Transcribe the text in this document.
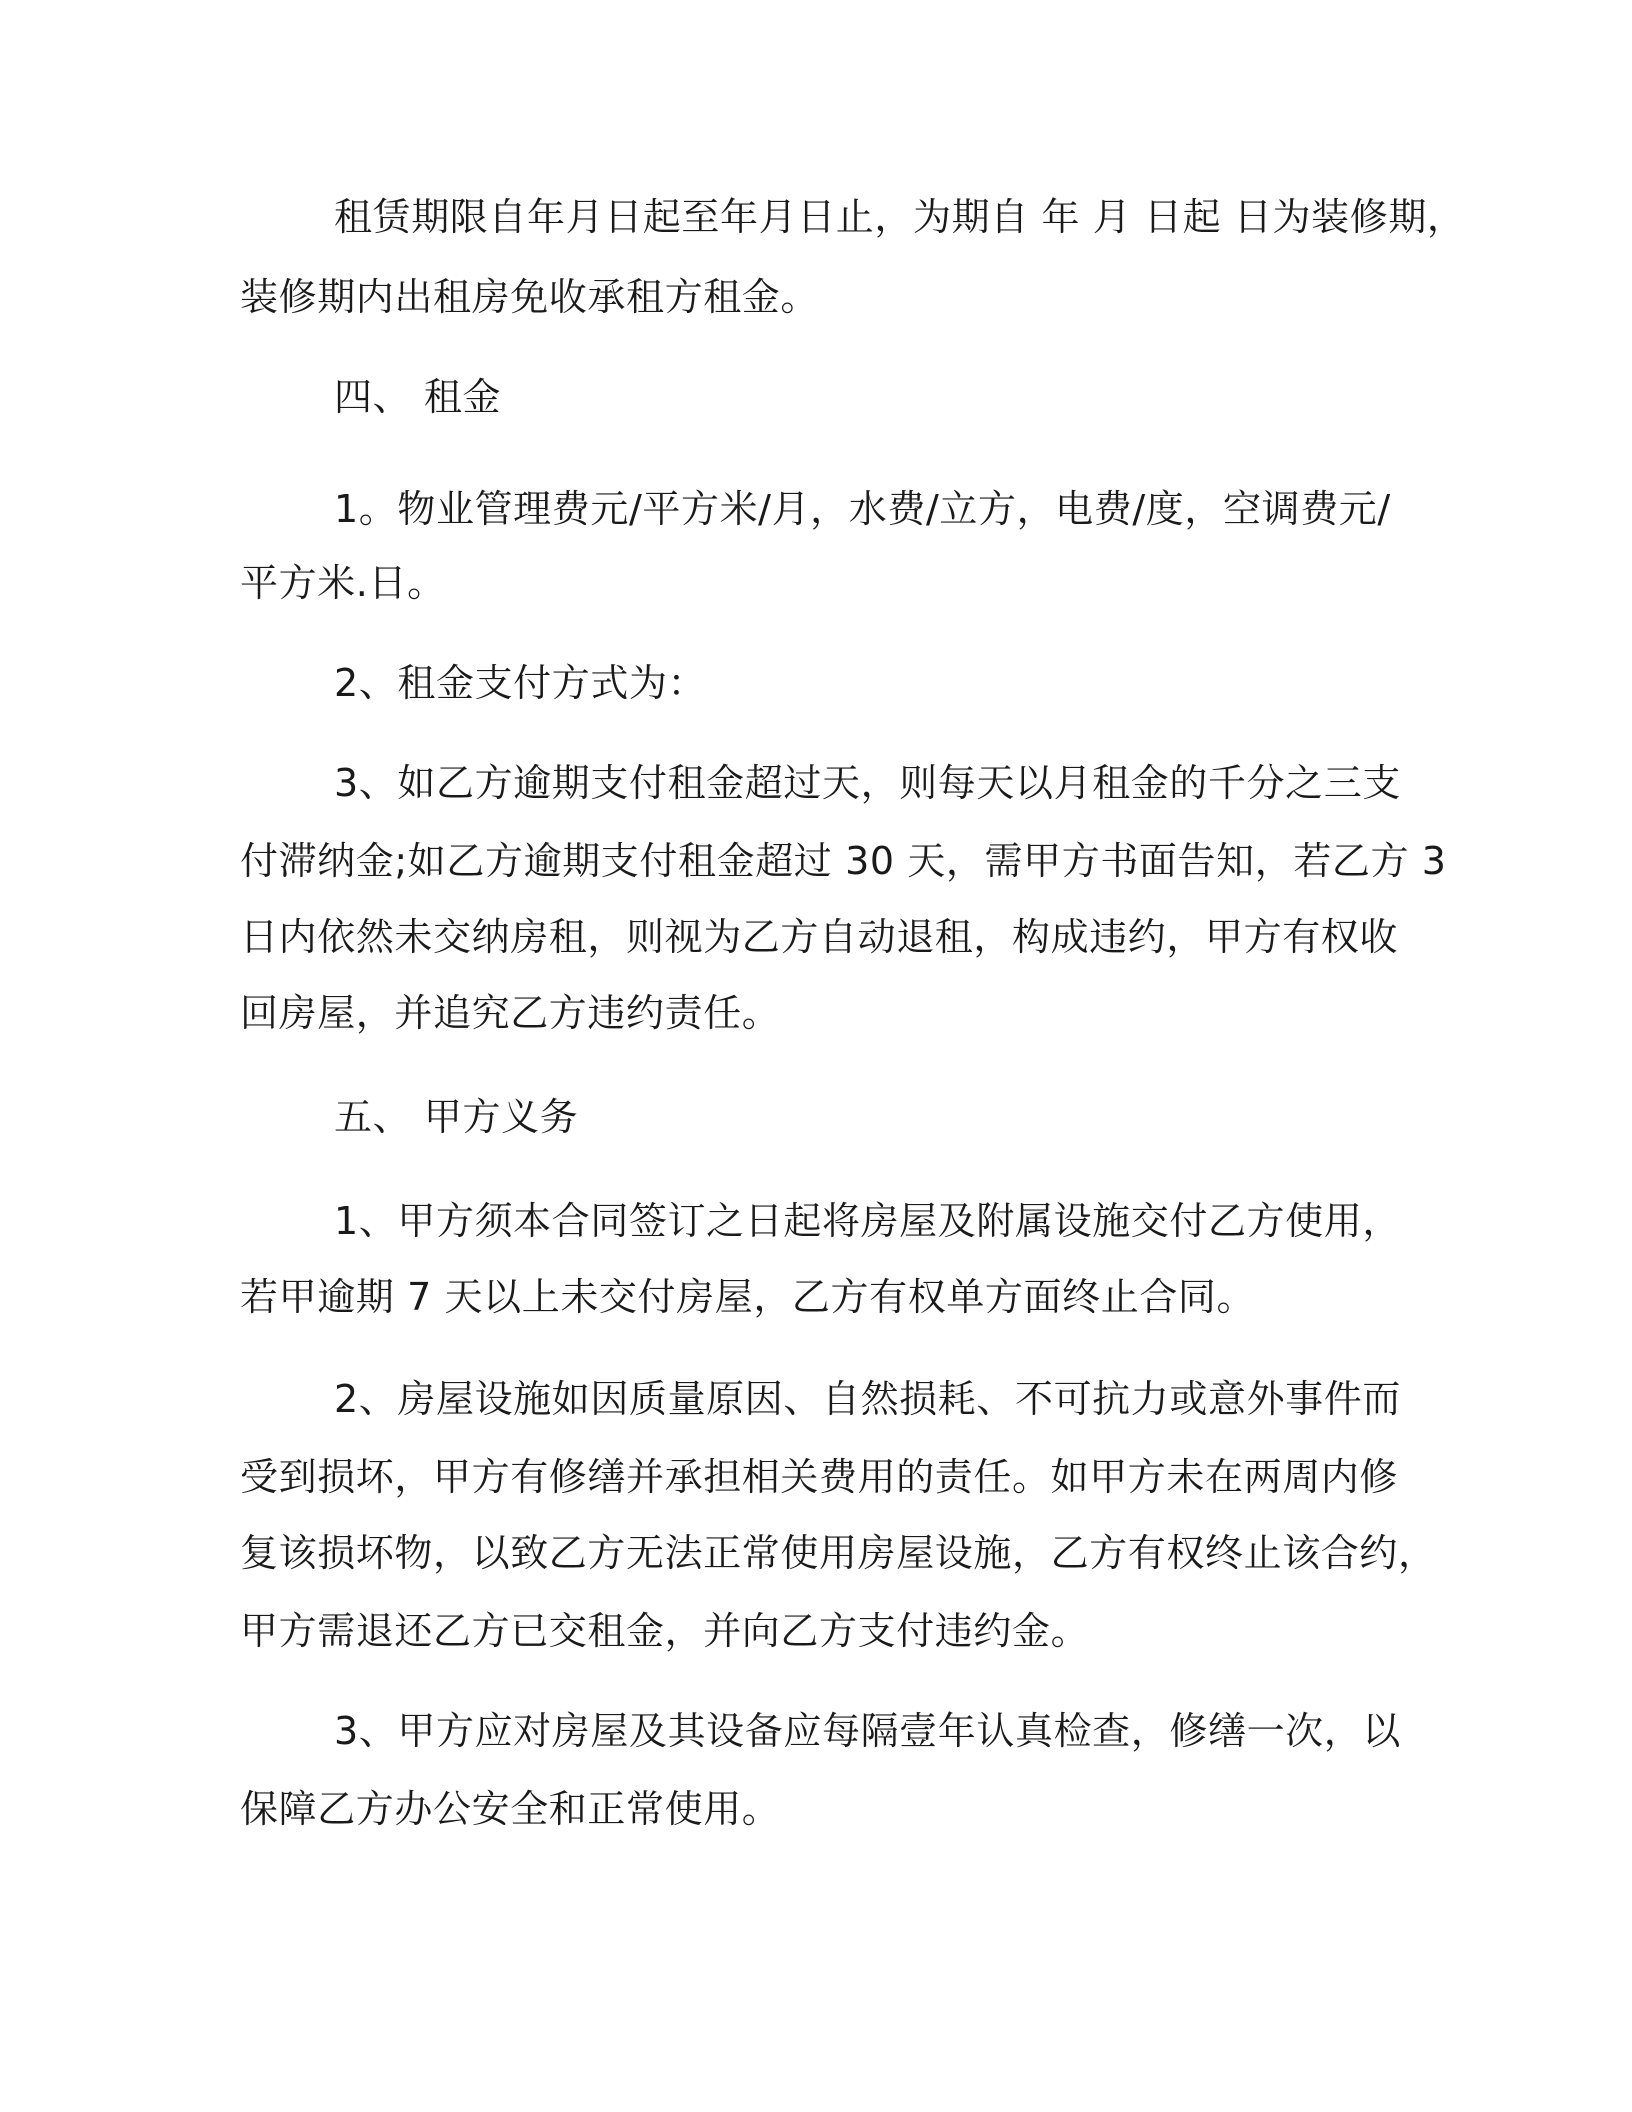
租赁期限自年月日起至年月日止，为期自 年 月 日起 日为装修期，

装修期内出租房免收承租方租金。

四、 租金

1。物业管理费元/平方米/月，水费/立方，电费/度，空调费元/

平方米.日。

2、租金支付方式为：

3、如乙方逾期支付租金超过天，则每天以月租金的千分之三支

付滞纳金;如乙方逾期支付租金超过 30 天，需甲方书面告知，若乙方 3

日内依然未交纳房租，则视为乙方自动退租，构成违约，甲方有权收

回房屋，并追究乙方违约责任。

五、 甲方义务

1、甲方须本合同签订之日起将房屋及附属设施交付乙方使用，

若甲逾期 7 天以上未交付房屋，乙方有权单方面终止合同。

2、房屋设施如因质量原因、自然损耗、不可抗力或意外事件而

受到损坏，甲方有修缮并承担相关费用的责任。如甲方未在两周内修

复该损坏物，以致乙方无法正常使用房屋设施，乙方有权终止该合约，

甲方需退还乙方已交租金，并向乙方支付违约金。

3、甲方应对房屋及其设备应每隔壹年认真检查，修缮一次，以

保障乙方办公安全和正常使用。
